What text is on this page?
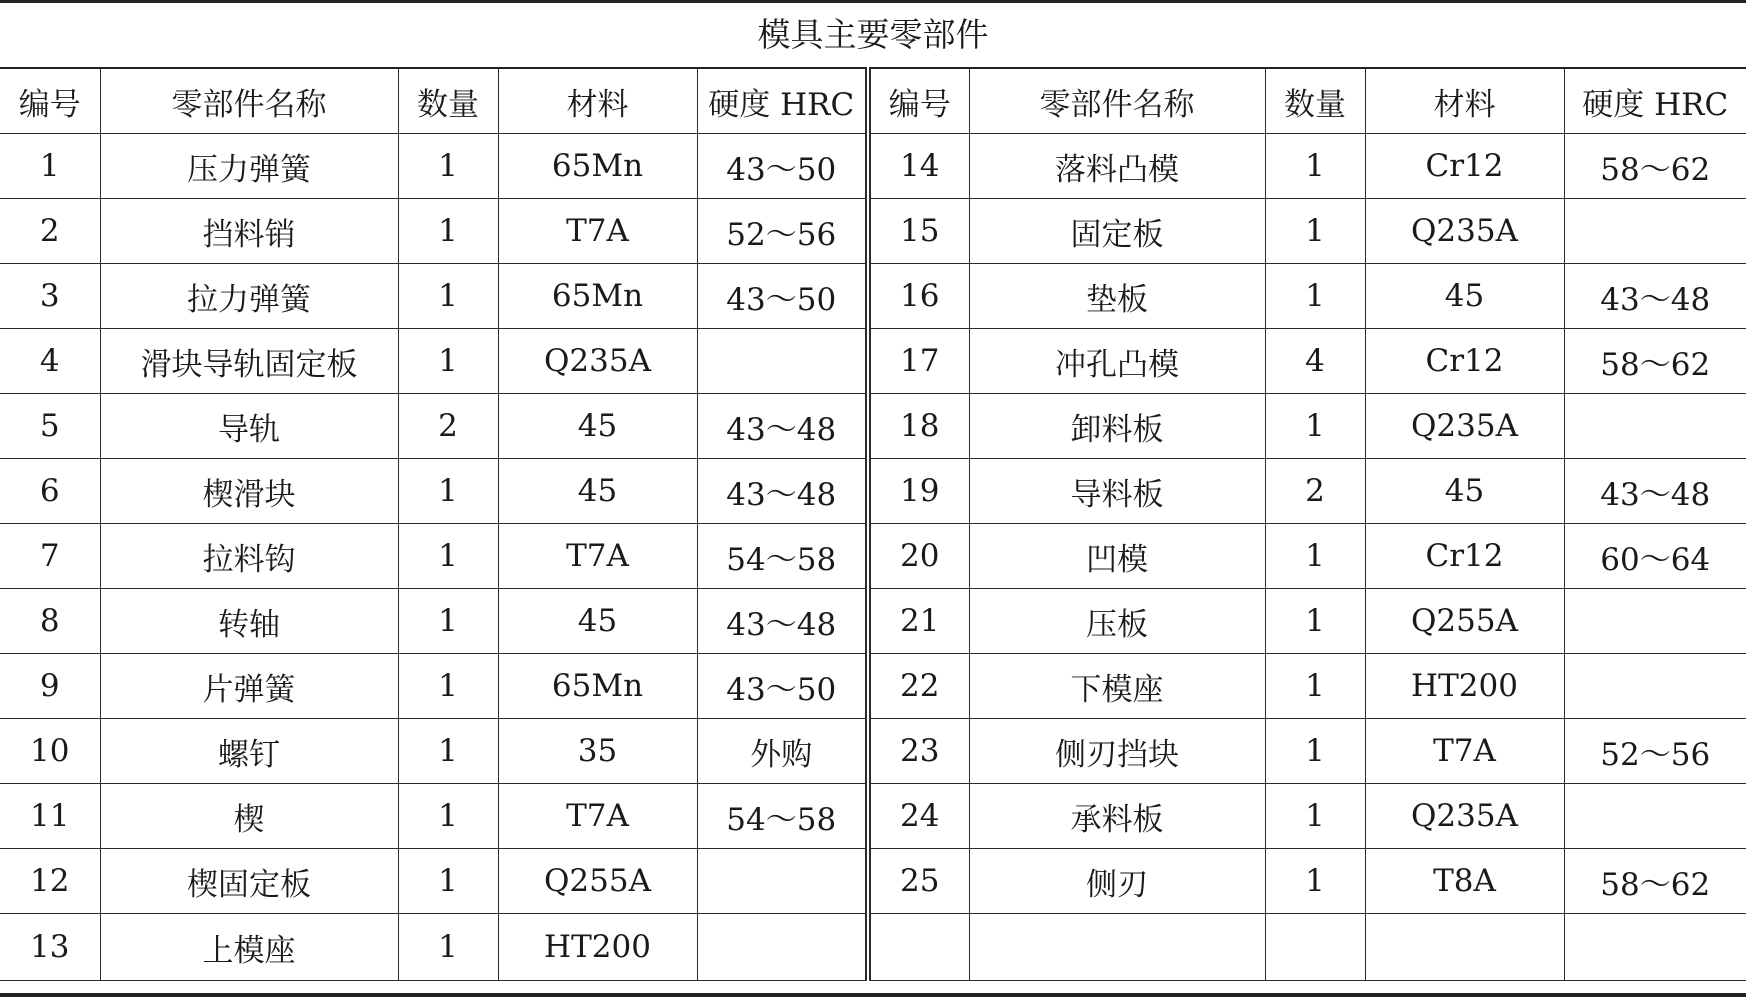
模具主要零部件
编号	零部件名称	数量	材料	硬度 HRC	编号	零部件名称	数量	材料	硬度 HRC
1	压力弹簧	1	65Mn	43～50	14	落料凸模	1	Cr12	58～62
2	挡料销	1	T7A	52～56	15	固定板	1	Q235A	
3	拉力弹簧	1	65Mn	43～50	16	垫板	1	45	43～48
4	滑块导轨固定板	1	Q235A		17	冲孔凸模	4	Cr12	58～62
5	导轨	2	45	43～48	18	卸料板	1	Q235A	
6	楔滑块	1	45	43～48	19	导料板	2	45	43～48
7	拉料钩	1	T7A	54～58	20	凹模	1	Cr12	60～64
8	转轴	1	45	43～48	21	压板	1	Q255A	
9	片弹簧	1	65Mn	43～50	22	下模座	1	HT200	
10	螺钉	1	35	外购	23	侧刃挡块	1	T7A	52～56
11	楔	1	T7A	54～58	24	承料板	1	Q235A	
12	楔固定板	1	Q255A		25	侧刃	1	T8A	58～62
13	上模座	1	HT200						
